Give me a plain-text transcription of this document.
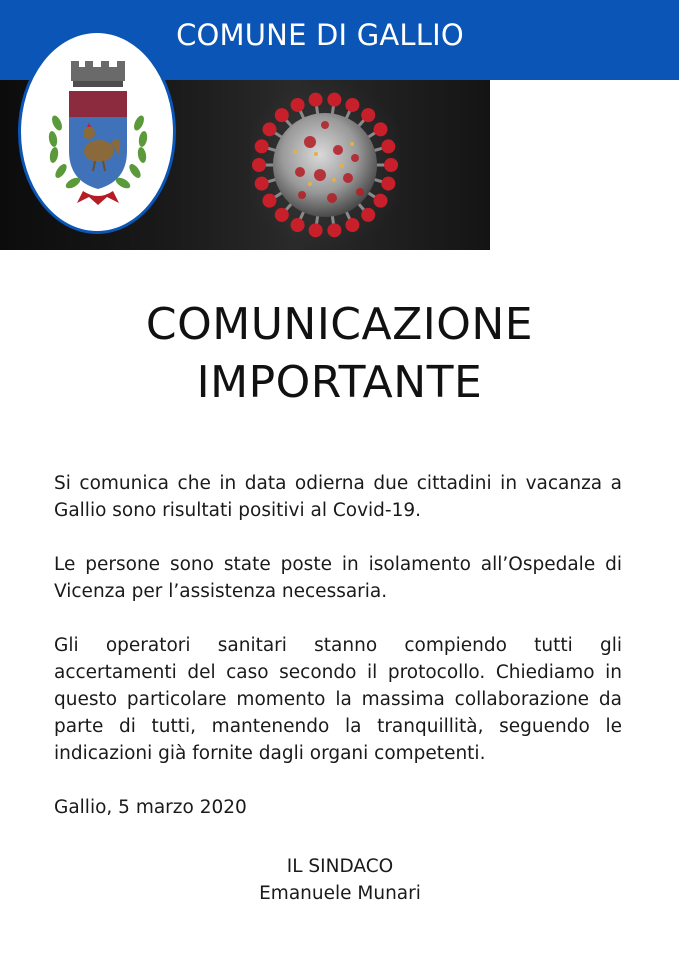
COMUNE DI GALLIO
COMUNICAZIONE
IMPORTANTE

Si comunica che in data odierna due cittadini in vacanza a Gallio sono risultati positivi al Covid-19.

Le persone sono state poste in isolamento all’Ospedale di Vicenza per l’assistenza necessaria.

Gli operatori sanitari stanno compiendo tutti gli accertamenti del caso secondo il protocollo. Chiediamo in questo particolare momento la massima collaborazione da parte di tutti, mantenendo la tranquillità, seguendo le indicazioni già fornite dagli organi competenti.

Gallio, 5 marzo 2020

IL SINDACO
Emanuele Munari
